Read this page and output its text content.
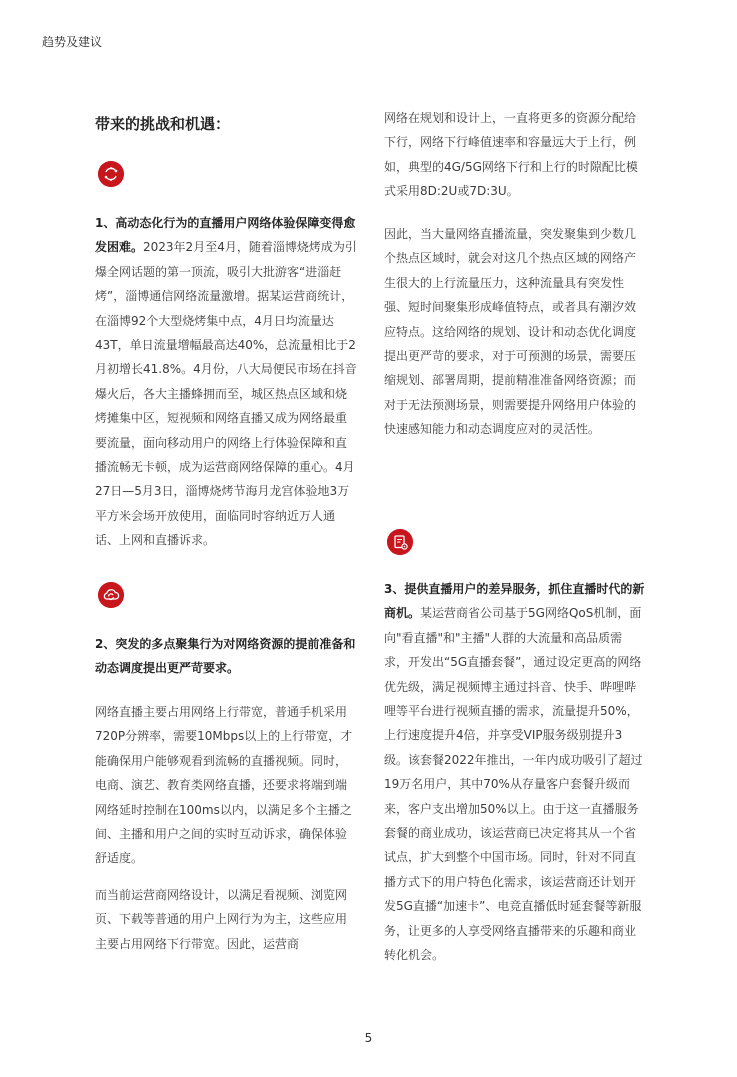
趋势及建议
带来的挑战和机遇：

1、高动态化行为的直播用户网络体验保障变得愈发困难。2023年2月至4月，随着淄博烧烤成为引爆全网话题的第一顶流，吸引大批游客“进淄赶烤”，淄博通信网络流量激增。据某运营商统计，在淄博92个大型烧烤集中点，4月日均流量达43T，单日流量增幅最高达40%，总流量相比于2月初增长41.8%。4月份，八大局便民市场在抖音爆火后，各大主播蜂拥而至，城区热点区域和烧烤摊集中区，短视频和网络直播又成为网络最重要流量，面向移动用户的网络上行体验保障和直播流畅无卡顿，成为运营商网络保障的重心。4月27日—5月3日，淄博烧烤节海月龙宫体验地3万平方米会场开放使用，面临同时容纳近万人通话、上网和直播诉求。

2、突发的多点聚集行为对网络资源的提前准备和动态调度提出更严苛要求。

网络直播主要占用网络上行带宽，普通手机采用720P分辨率，需要10Mbps以上的上行带宽，才能确保用户能够观看到流畅的直播视频。同时，电商、演艺、教育类网络直播，还要求将端到端网络延时控制在100ms以内，以满足多个主播之间、主播和用户之间的实时互动诉求，确保体验舒适度。

而当前运营商网络设计，以满足看视频、浏览网页、下载等普通的用户上网行为为主，这些应用主要占用网络下行带宽。因此，运营商

网络在规划和设计上，一直将更多的资源分配给下行，网络下行峰值速率和容量远大于上行，例如，典型的4G/5G网络下行和上行的时隙配比模式采用8D:2U或7D:3U。

因此，当大量网络直播流量，突发聚集到少数几个热点区域时，就会对这几个热点区域的网络产生很大的上行流量压力，这种流量具有突发性强、短时间聚集形成峰值特点，或者具有潮汐效应特点。这给网络的规划、设计和动态优化调度提出更严苛的要求，对于可预测的场景，需要压缩规划、部署周期，提前精准准备网络资源；而对于无法预测场景，则需要提升网络用户体验的快速感知能力和动态调度应对的灵活性。

3、提供直播用户的差异服务，抓住直播时代的新商机。某运营商省公司基于5G网络QoS机制，面向"看直播"和"主播"人群的大流量和高品质需求，开发出“5G直播套餐”，通过设定更高的网络优先级，满足视频博主通过抖音、快手、哔哩哔哩等平台进行视频直播的需求，流量提升50%，上行速度提升4倍，并享受VIP服务级别提升3级。该套餐2022年推出，一年内成功吸引了超过19万名用户，其中70%从存量客户套餐升级而来，客户支出增加50%以上。由于这一直播服务套餐的商业成功，该运营商已决定将其从一个省试点，扩大到整个中国市场。同时，针对不同直播方式下的用户特色化需求，该运营商还计划开发5G直播“加速卡”、电竞直播低时延套餐等新服务，让更多的人享受网络直播带来的乐趣和商业转化机会。

5
